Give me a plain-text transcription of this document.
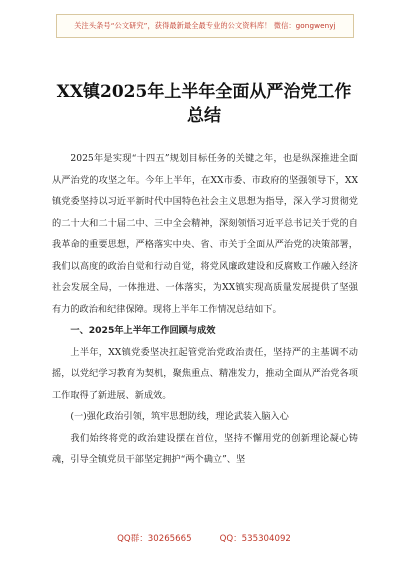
关注头条号“公文研究”，获得最新最全最专业的公文资料库！ 微信：gongwenyj
XX镇2025年上半年全面从严治党工作
总结

2025年是实现“十四五”规划目标任务的关键之年，也是纵深推进全面从严治党的攻坚之年。今年上半年，在XX市委、市政府的坚强领导下，XX镇党委坚持以习近平新时代中国特色社会主义思想为指导，深入学习贯彻党的二十大和二十届二中、三中全会精神，深刻领悟习近平总书记关于党的自我革命的重要思想，严格落实中央、省、市关于全面从严治党的决策部署，我们以高度的政治自觉和行动自觉，将党风廉政建设和反腐败工作融入经济社会发展全局，一体推进、一体落实，为XX镇实现高质量发展提供了坚强有力的政治和纪律保障。现将上半年工作情况总结如下。

一、2025年上半年工作回顾与成效

上半年，XX镇党委坚决扛起管党治党政治责任，坚持严的主基调不动摇，以党纪学习教育为契机，聚焦重点、精准发力，推动全面从严治党各项工作取得了新进展、新成效。

(一)强化政治引领，筑牢思想防线，理论武装入脑入心

我们始终将党的政治建设摆在首位，坚持不懈用党的创新理论凝心铸魂，引导全镇党员干部坚定拥护“两个确立”、坚

QQ群：30265665	QQ：535304092
